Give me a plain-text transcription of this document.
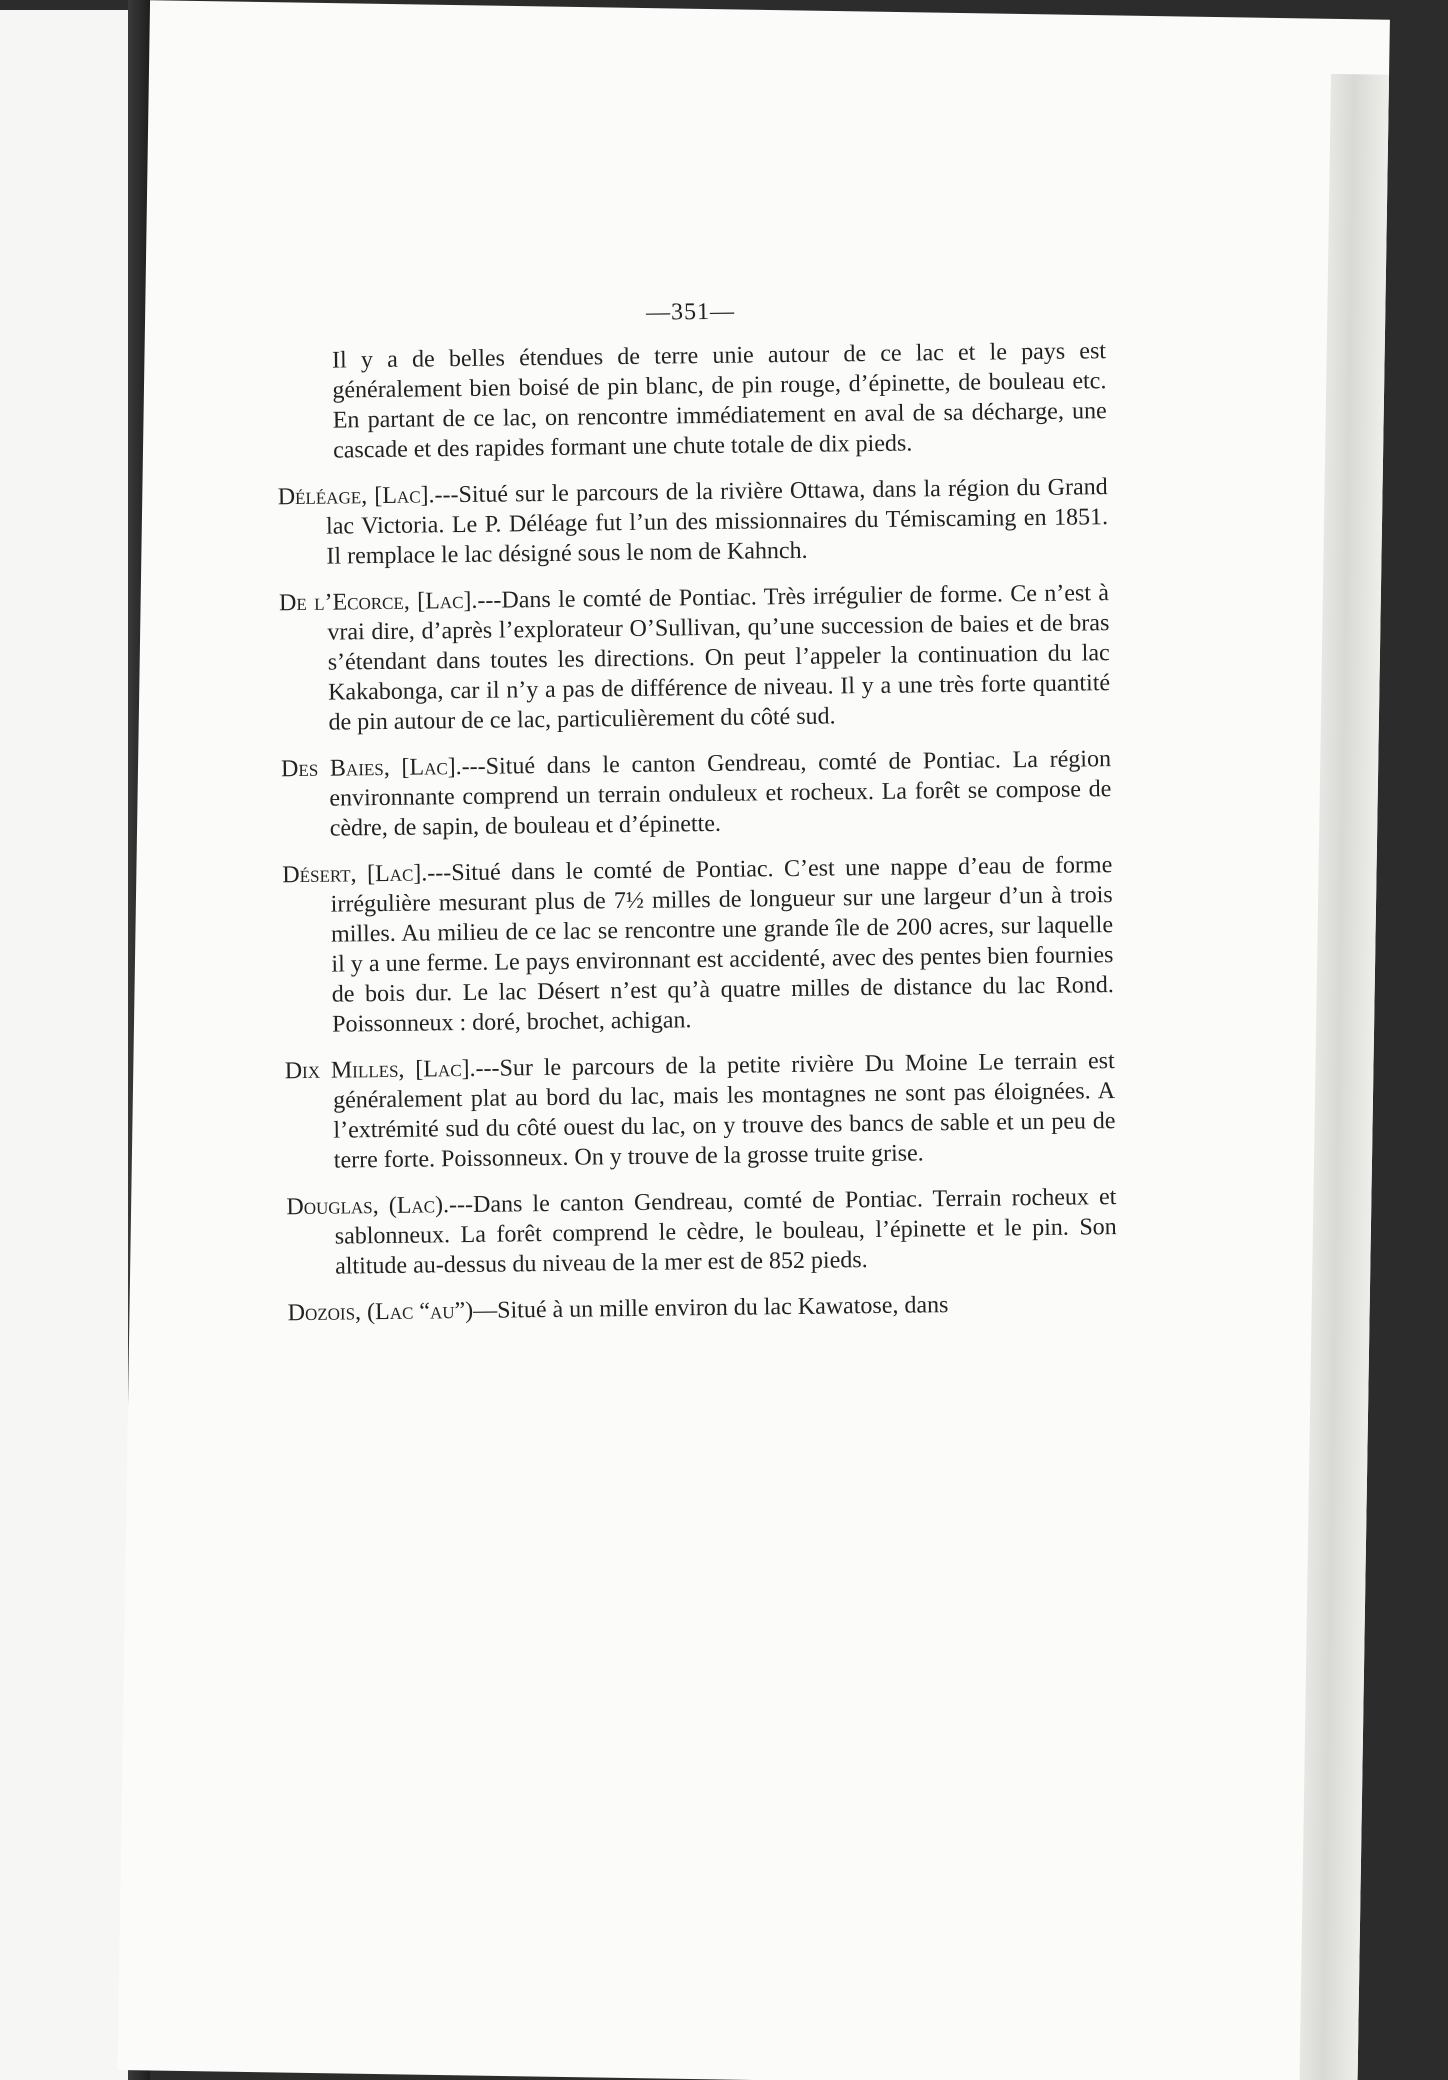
—351—

Il y a de belles étendues de terre unie autour de ce lac et le pays est généralement bien boisé de pin blanc, de pin rouge, d’épinette, de bouleau etc. En partant de ce lac, on rencontre immédiatement en aval de sa décharge, une cascade et des rapides formant une chute totale de dix pieds.

Déléage, [Lac].---Situé sur le parcours de la rivière Ottawa, dans la région du Grand lac Victoria. Le P. Déléage fut l’un des missionnaires du Témiscaming en 1851. Il remplace le lac désigné sous le nom de Kahnch.

De l’Ecorce, [Lac].---Dans le comté de Pontiac. Très irrégulier de forme. Ce n’est à vrai dire, d’après l’explorateur O’Sullivan, qu’une succession de baies et de bras s’étendant dans toutes les directions. On peut l’appeler la continuation du lac Kakabonga, car il n’y a pas de différence de niveau. Il y a une très forte quantité de pin autour de ce lac, particulièrement du côté sud.

Des Baies, [Lac].---Situé dans le canton Gendreau, comté de Pontiac. La région environnante comprend un terrain onduleux et rocheux. La forêt se compose de cèdre, de sapin, de bouleau et d’épinette.

Désert, [Lac].---Situé dans le comté de Pontiac. C’est une nappe d’eau de forme irrégulière mesurant plus de 7½ milles de longueur sur une largeur d’un à trois milles. Au milieu de ce lac se rencontre une grande île de 200 acres, sur laquelle il y a une ferme. Le pays environnant est accidenté, avec des pentes bien fournies de bois dur. Le lac Désert n’est qu’à quatre milles de distance du lac Rond. Poissonneux : doré, brochet, achigan.

Dix Milles, [Lac].---Sur le parcours de la petite rivière Du Moine Le terrain est généralement plat au bord du lac, mais les montagnes ne sont pas éloignées. A l’extrémité sud du côté ouest du lac, on y trouve des bancs de sable et un peu de terre forte. Poissonneux. On y trouve de la grosse truite grise.

Douglas, (Lac).---Dans le canton Gendreau, comté de Pontiac. Terrain rocheux et sablonneux. La forêt comprend le cèdre, le bouleau, l’épinette et le pin. Son altitude au-dessus du niveau de la mer est de 852 pieds.

Dozois, (Lac “au”)—Situé à un mille environ du lac Kawatose, dans
